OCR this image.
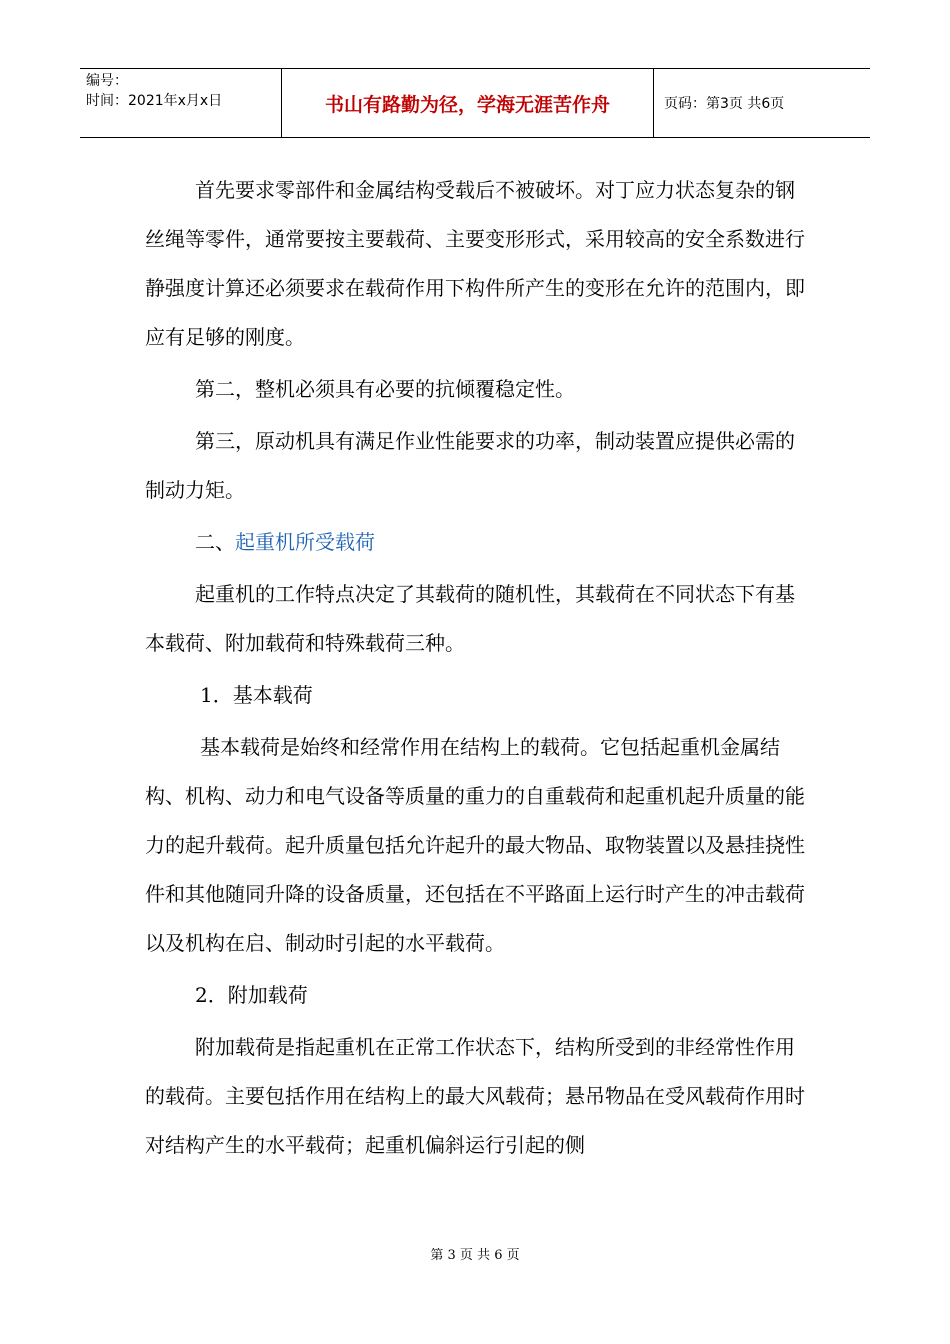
编号：
时间：2021年x月x日	书山有路勤为径，学海无涯苦作舟	页码：第3页 共6页

首先要求零部件和金属结构受载后不被破坏。对丁应力状态复杂的钢丝绳等零件，通常要按主要载荷、主要变形形式，采用较高的安全系数进行静强度计算还必须要求在载荷作用下构件所产生的变形在允许的范围内，即应有足够的刚度。

第二，整机必须具有必要的抗倾覆稳定性。

第三，原动机具有满足作业性能要求的功率，制动装置应提供必需的制动力矩。

二、起重机所受载荷

起重机的工作特点决定了其载荷的随机性，其载荷在不同状态下有基本载荷、附加载荷和特殊载荷三种。

1．基本载荷

基本载荷是始终和经常作用在结构上的载荷。它包括起重机金属结构、机构、动力和电气设备等质量的重力的自重载荷和起重机起升质量的能力的起升载荷。起升质量包括允许起升的最大物品、取物装置以及悬挂挠性件和其他随同升降的设备质量，还包括在不平路面上运行时产生的冲击载荷以及机构在启、制动时引起的水平载荷。

2．附加载荷

附加载荷是指起重机在正常工作状态下，结构所受到的非经常性作用的载荷。主要包括作用在结构上的最大风载荷；悬吊物品在受风载荷作用时对结构产生的水平载荷；起重机偏斜运行引起的侧

第 3 页 共 6 页
